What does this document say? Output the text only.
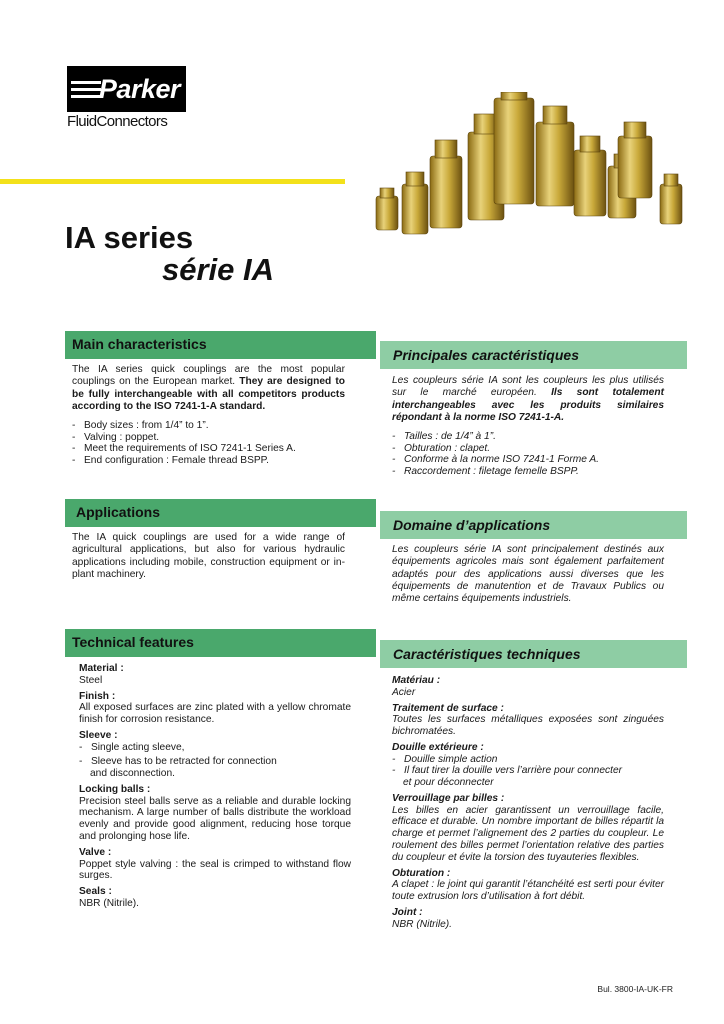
Parker
FluidConnectors
IA series
série IA
Main characteristics
The IA series quick couplings are the most popular couplings on the European market. They are designed to be fully interchangeable with all competitors products according to the ISO 7241-1-A standard.
- Body sizes : from 1/4” to 1”.
- Valving : poppet.
- Meet the requirements of ISO 7241-1 Series A.
- End configuration : Female thread BSPP.
Principales caractéristiques
Les coupleurs série IA sont les coupleurs les plus utilisés sur le marché européen. Ils sont totalement interchangeables avec les produits similaires répondant à la norme ISO 7241-1-A.
- Tailles : de 1/4” à 1”.
- Obturation : clapet.
- Conforme à la norme ISO 7241-1 Forme A.
- Raccordement : filetage femelle BSPP.
Applications
The IA quick couplings are used for a wide range of agricultural applications, but also for various hydraulic applications including mobile, construction equipment or in-plant machinery.
Domaine d’applications
Les coupleurs série IA sont principalement destinés aux équipements agricoles mais sont également parfaitement adaptés pour des applications aussi diverses que les équipements de manutention et de Travaux Publics ou même certains équipements industriels.
Technical features
Material :
Steel
Finish :
All exposed surfaces are zinc plated with a yellow chromate finish for corrosion resistance.
Sleeve :
- Single acting sleeve,
- Sleeve has to be retracted for connection
and disconnection.
Locking balls :
Precision steel balls serve as a reliable and durable locking mechanism. A large number of balls distribute the workload evenly and provide good alignment, reducing hose torque and prolonging hose life.
Valve :
Poppet style valving : the seal is crimped to withstand flow surges.
Seals :
NBR (Nitrile).
Caractéristiques techniques
Matériau :
Acier
Traitement de surface :
Toutes les surfaces métalliques exposées sont zinguées bichromatées.
Douille extérieure :
- Douille simple action
- Il faut tirer la douille vers l’arrière pour connecter
et pour déconnecter
Verrouillage par billes :
Les billes en acier garantissent un verrouillage facile, efficace et durable. Un nombre important de billes répartit la charge et permet l’alignement des 2 parties du coupleur. Le roulement des billes permet l’orientation relative des parties du coupleur et évite la torsion des tuyauteries flexibles.
Obturation :
A clapet : le joint qui garantit l’étanchéité est serti pour éviter toute extrusion lors d’utilisation à fort débit.
Joint :
NBR (Nitrile).
Bul. 3800-IA-UK-FR
